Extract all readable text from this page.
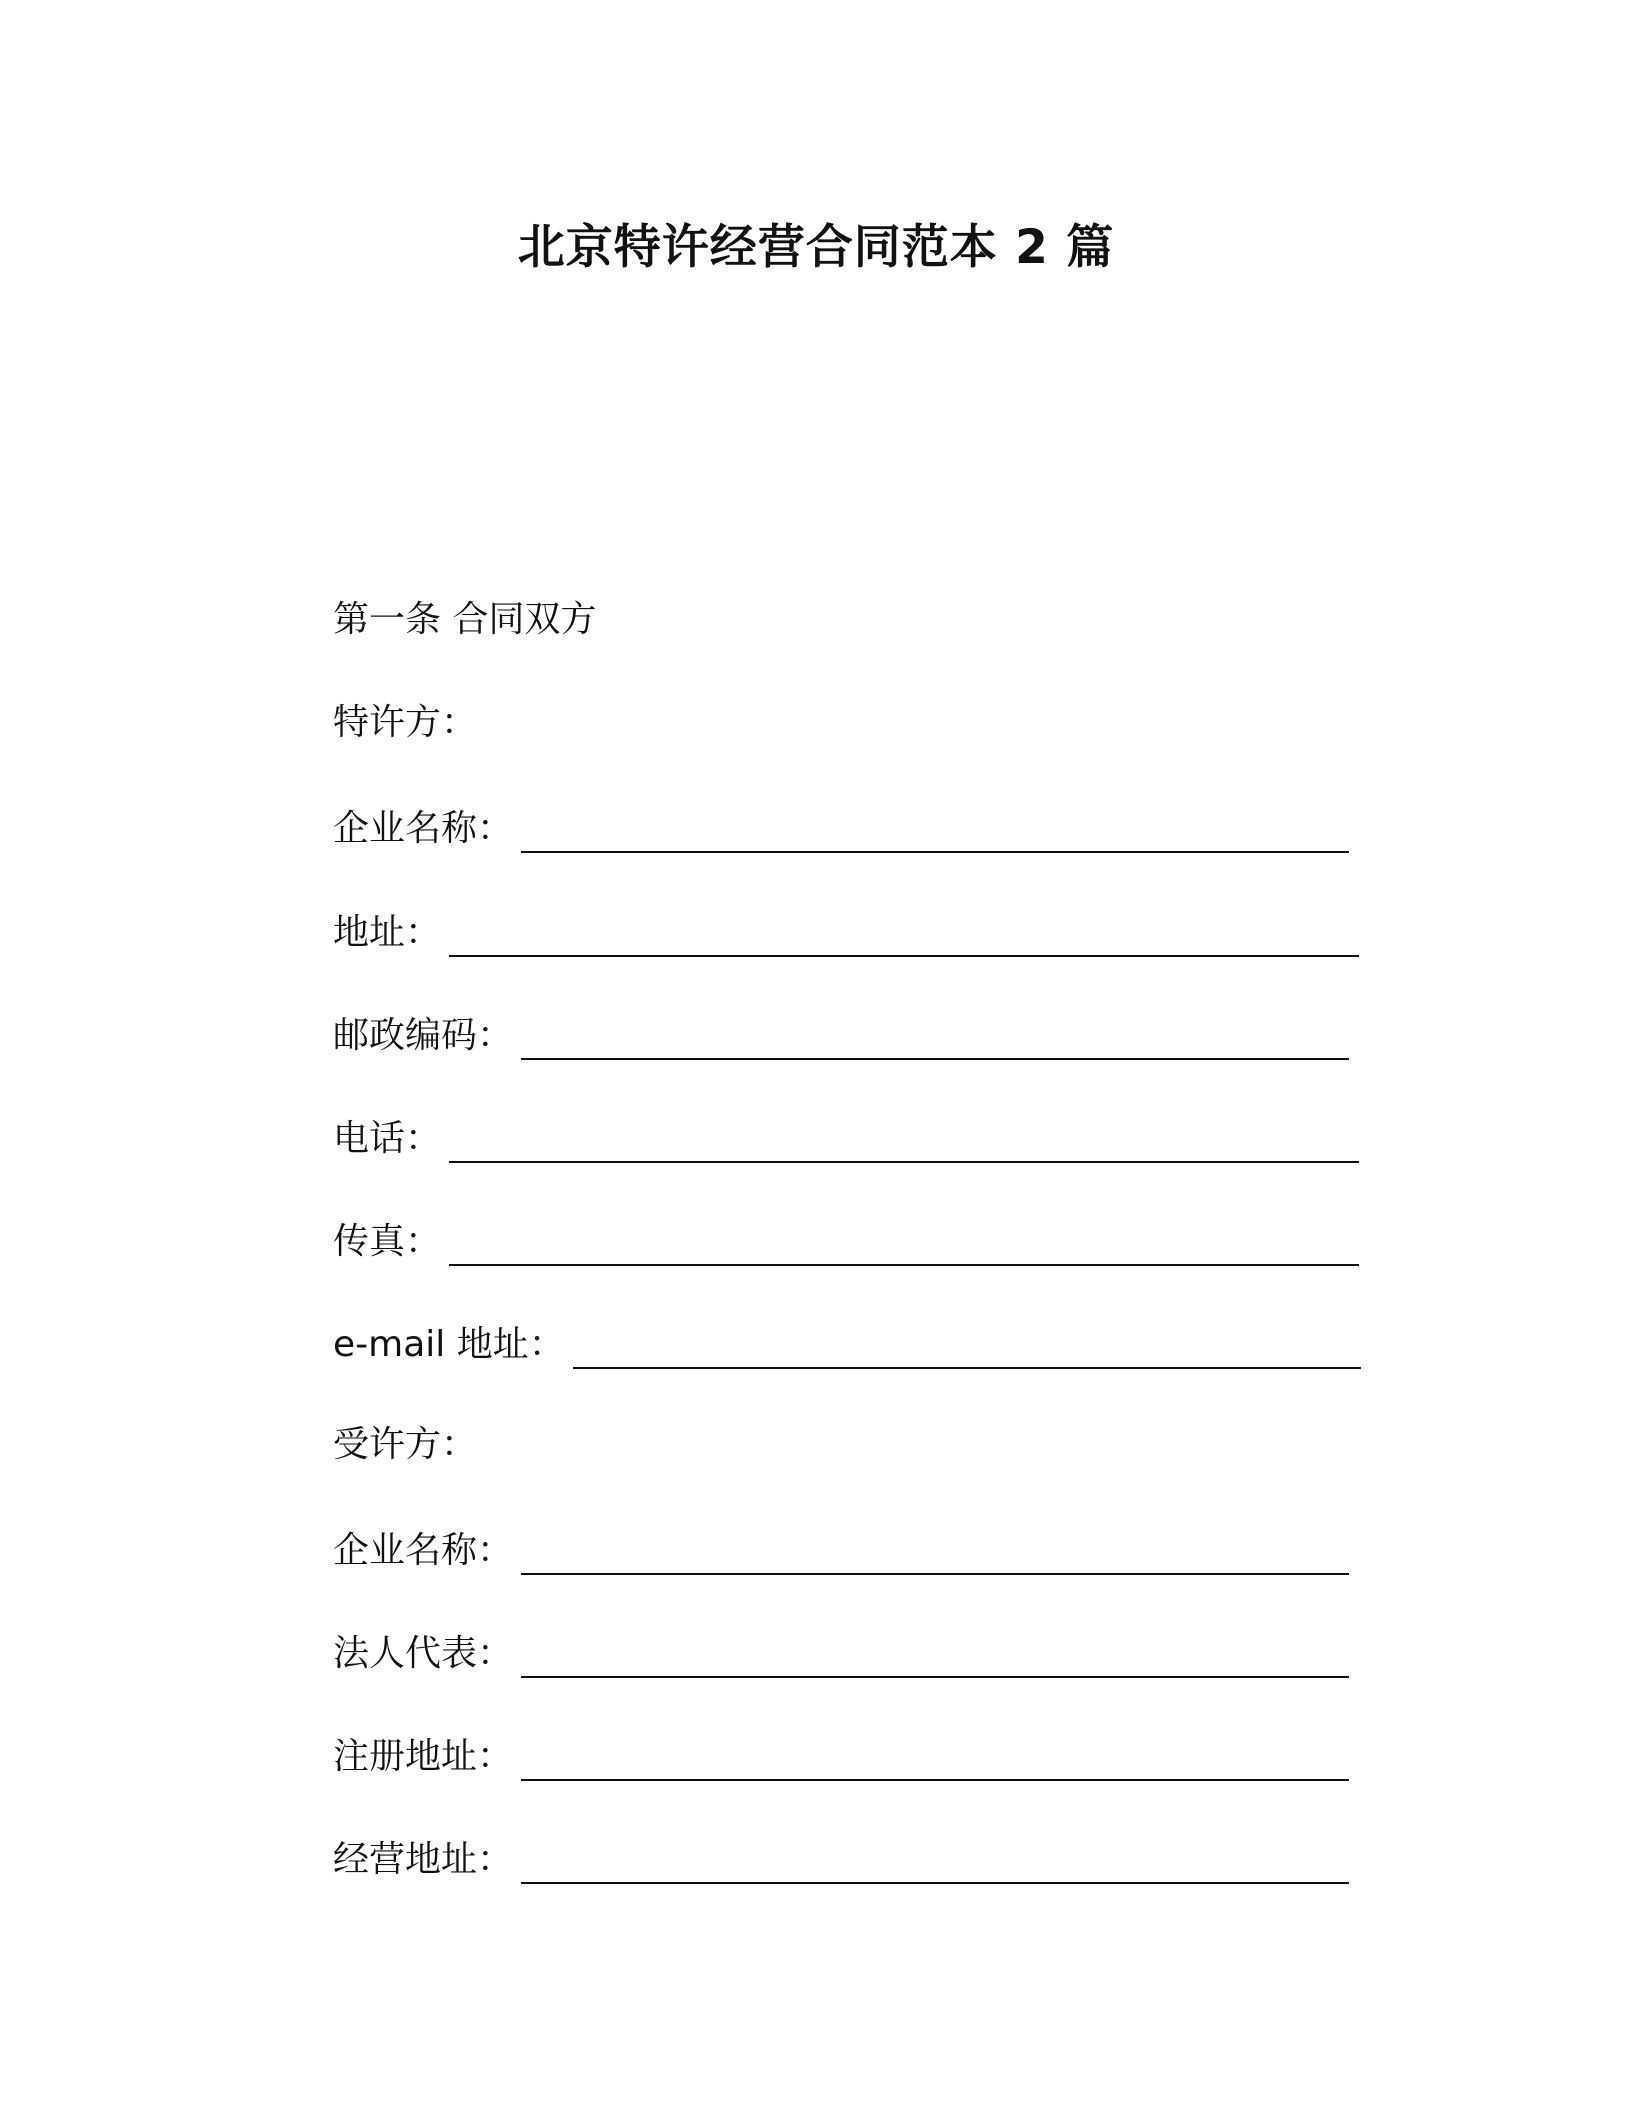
北京特许经营合同范本 2 篇
第一条 合同双方
特许方：
企业名称：
地址：
邮政编码：
电话：
传真：
e-mail 地址：
受许方：
企业名称：
法人代表：
注册地址：
经营地址：
